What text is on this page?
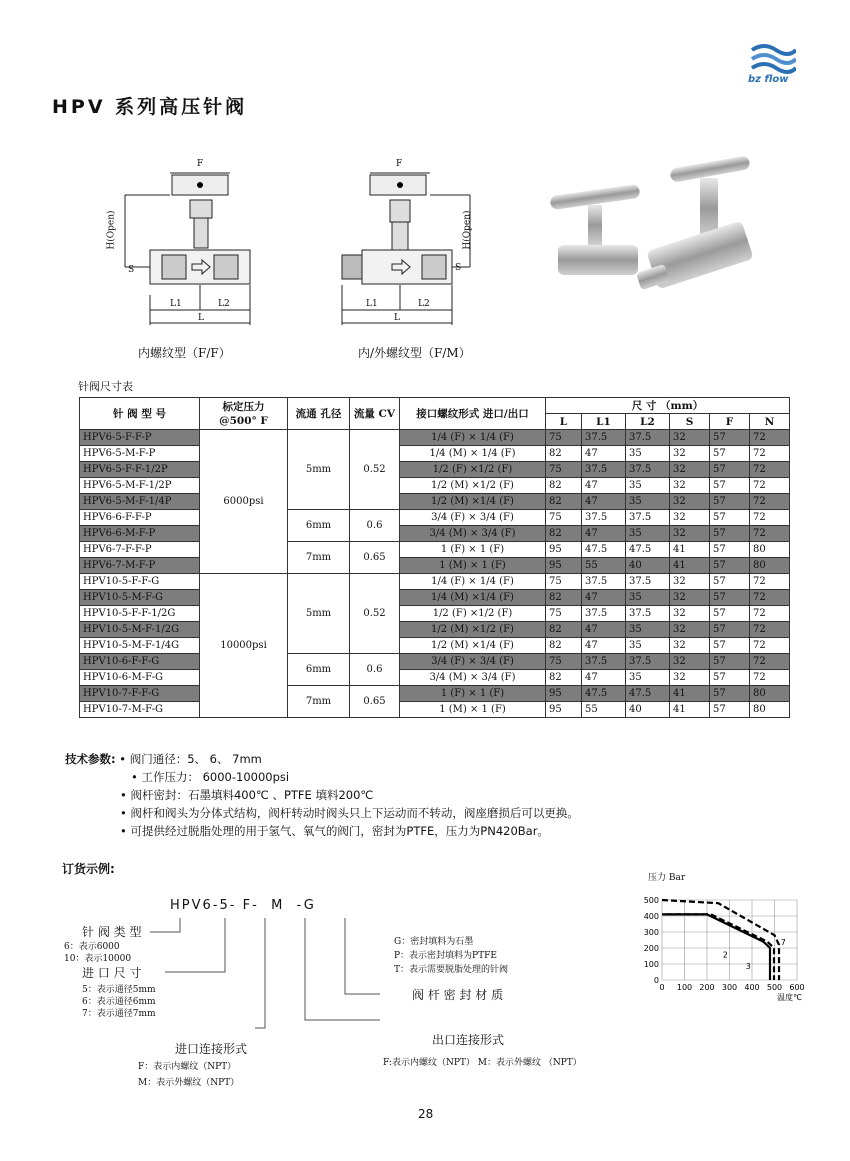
HPV 系列高压针阀
bz flow
F
H(Open)
S
L1	L2
L
内螺纹型（F/F）
F
H(Open)
S
L1	L2
L
内/外螺纹型（F/M）
针阀尺寸表
针 阀 型 号	标定压力 @500° F	流通 孔径	流量 CV	接口螺纹形式 进口/出口	尺 寸 （mm）					
					L	L1	L2	S	F	N
HPV6-5-F-F-P	6000psi	5mm	0.52	1/4 (F) × 1/4 (F)	75	37.5	37.5	32	57	72
HPV6-5-M-F-P				1/4 (M) × 1/4 (F)	82	47	35	32	57	72
HPV6-5-F-F-1/2P				1/2 (F) ×1/2 (F)	75	37.5	37.5	32	57	72
HPV6-5-M-F-1/2P				1/2 (M) ×1/2 (F)	82	47	35	32	57	72
HPV6-5-M-F-1/4P				1/2 (M) ×1/4 (F)	82	47	35	32	57	72
HPV6-6-F-F-P		6mm	0.6	3/4 (F) × 3/4 (F)	75	37.5	37.5	32	57	72
HPV6-6-M-F-P				3/4 (M) × 3/4 (F)	82	47	35	32	57	72
HPV6-7-F-F-P		7mm	0.65	1 (F) × 1 (F)	95	47.5	47.5	41	57	80
HPV6-7-M-F-P				1 (M) × 1 (F)	95	55	40	41	57	80
HPV10-5-F-F-G	10000psi	5mm	0.52	1/4 (F) × 1/4 (F)	75	37.5	37.5	32	57	72
HPV10-5-M-F-G				1/4 (M) ×1/4 (F)	82	47	35	32	57	72
HPV10-5-F-F-1/2G				1/2 (F) ×1/2 (F)	75	37.5	37.5	32	57	72
HPV10-5-M-F-1/2G				1/2 (M) ×1/2 (F)	82	47	35	32	57	72
HPV10-5-M-F-1/4G				1/2 (M) ×1/4 (F)	82	47	35	32	57	72
HPV10-6-F-F-G		6mm	0.6	3/4 (F) × 3/4 (F)	75	37.5	37.5	32	57	72
HPV10-6-M-F-G				3/4 (M) × 3/4 (F)	82	47	35	32	57	72
HPV10-7-F-F-G		7mm	0.65	1 (F) × 1 (F)	95	47.5	47.5	41	57	80
HPV10-7-M-F-G				1 (M) × 1 (F)	95	55	40	41	57	80
技术参数: • 阀门通径：5、 6、 7mm
• 工作压力： 6000-10000psi
• 阀杆密封：石墨填料400℃ 、PTFE 填料200℃
• 阀杆和阀头为分体式结构，阀杆转动时阀头只上下运动而不转动，阀座磨损后可以更换。
• 可提供经过脱脂处理的用于氢气、氧气的阀门，密封为PTFE，压力为PN420Bar。
订货示例:
HPV6-5- F- M -G
针 阀 类 型
6：表示6000
10：表示10000
进 口 尺 寸
5：表示通径5mm
6：表示通径6mm
7：表示通径7mm
进口连接形式
F：表示内螺纹（NPT）
M：表示外螺纹（NPT）
G：密封填料为石墨
P：表示密封填料为PTFE
T：表示需要脱脂处理的针阀
阀 杆 密 封 材 质
出口连接形式
F:表示内螺纹（NPT） M：表示外螺纹 （NPT）
压力 Bar
0
100
200
300
400
500
0 100 200 300 400 500 600
温度℃
2
3
7
28
